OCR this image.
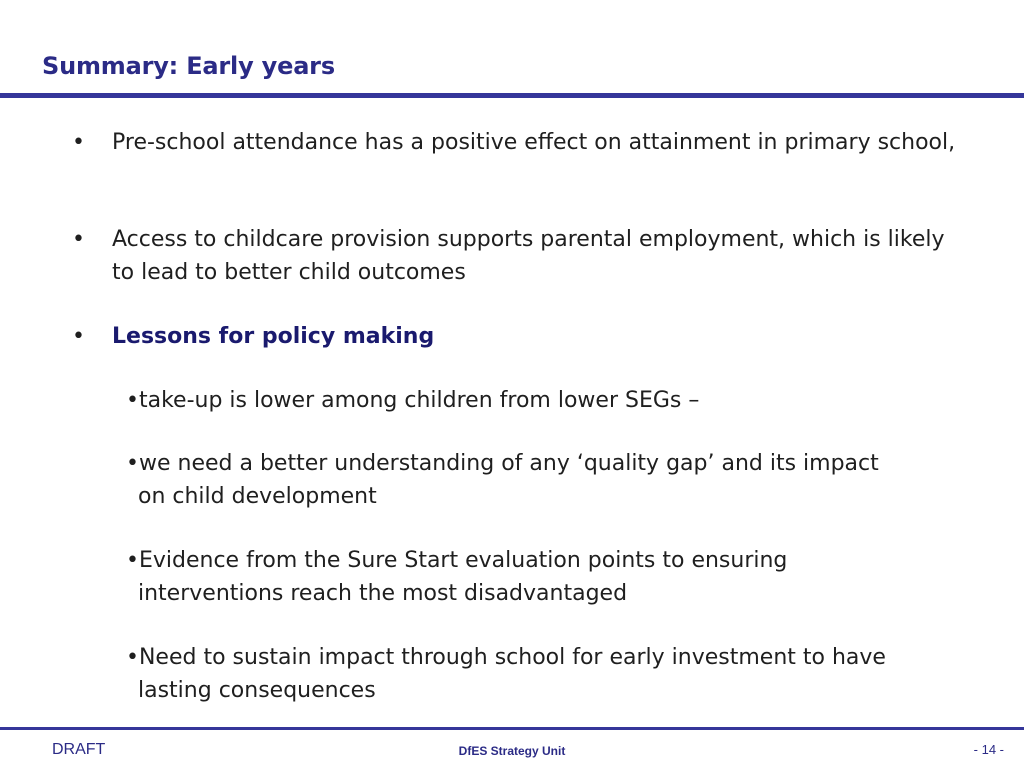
Summary: Early years
• Pre-school attendance has a positive effect on attainment in primary school,
• Access to childcare provision supports parental employment, which is likely to lead to better child outcomes
• Lessons for policy making
•take-up is lower among children from lower SEGs –
•we need a better understanding of any ‘quality gap’ and its impact on child development
•Evidence from the Sure Start evaluation points to ensuring interventions reach the most disadvantaged
•Need to sustain impact through school for early investment to have lasting consequences
DRAFT	DfES Strategy Unit	- 14 -
